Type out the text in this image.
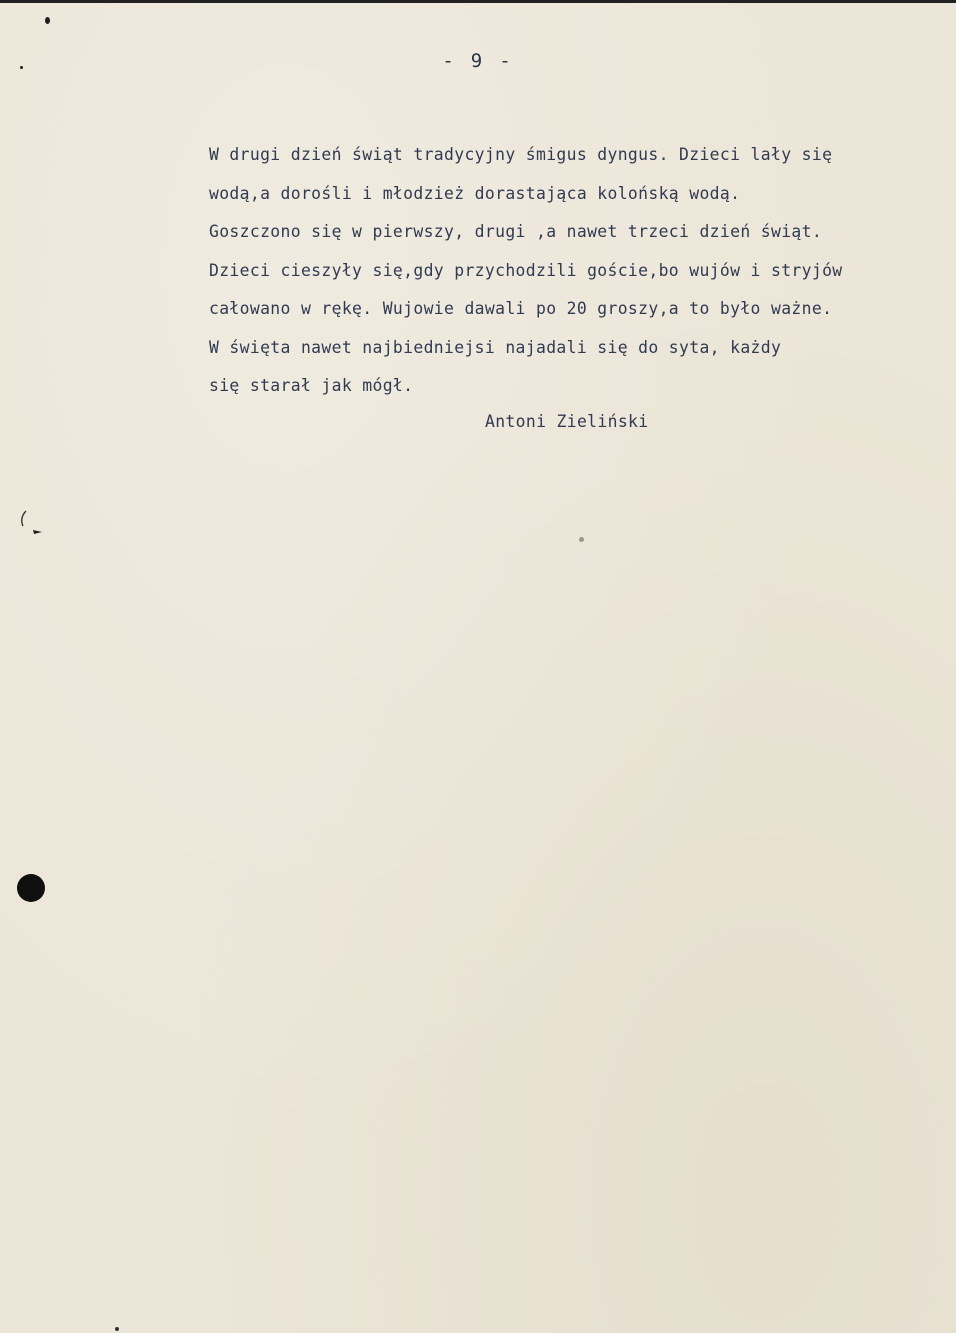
- 9 -
W drugi dzień świąt tradycyjny śmigus dyngus. Dzieci lały się
wodą,a dorośli i młodzież dorastająca kolońską wodą.
Goszczono się w pierwszy, drugi ,a nawet trzeci dzień świąt.
Dzieci cieszyły się,gdy przychodzili goście,bo wujów i stryjów
całowano w rękę. Wujowie dawali po 20 groszy,a to było ważne.
W święta nawet najbiedniejsi najadali się do syta, każdy
się starał jak mógł.
Antoni Zieliński
